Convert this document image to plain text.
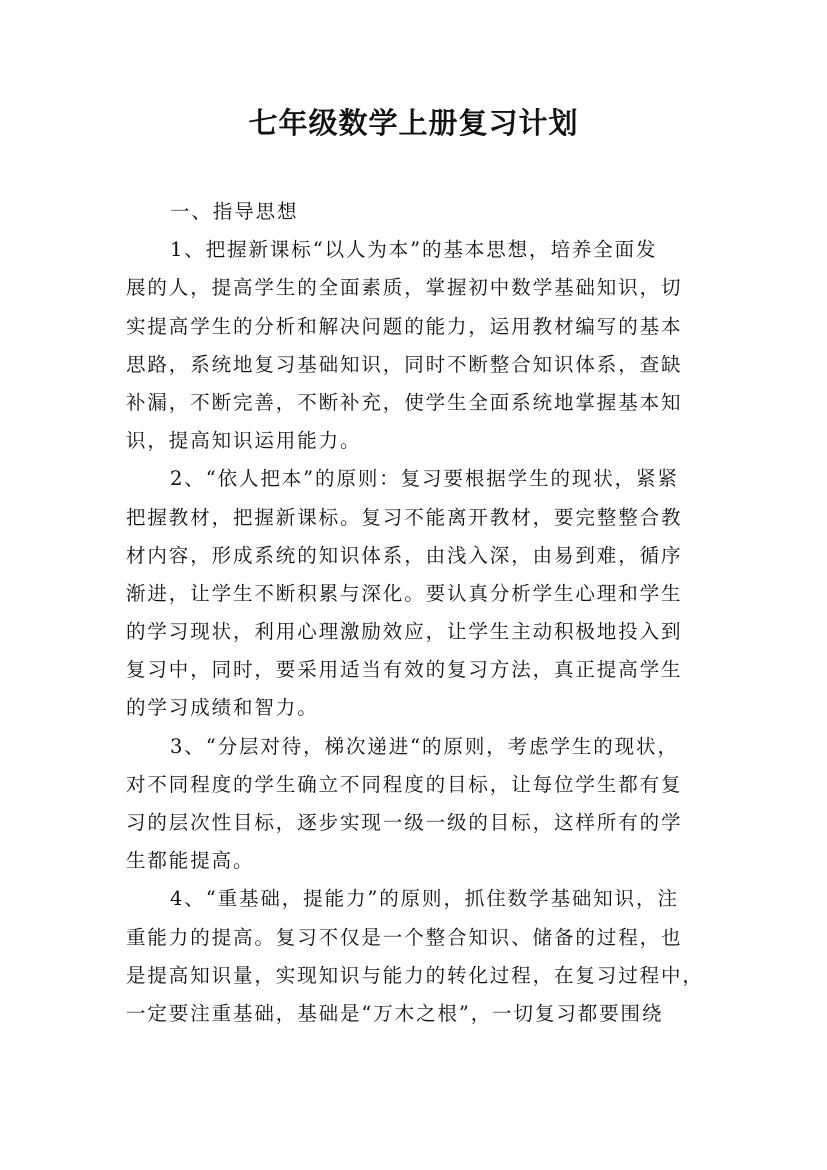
七年级数学上册复习计划
一、指导思想
1、把握新课标“以人为本”的基本思想，培养全面发
展的人，提高学生的全面素质，掌握初中数学基础知识，切
实提高学生的分析和解决问题的能力，运用教材编写的基本
思路，系统地复习基础知识，同时不断整合知识体系，查缺
补漏，不断完善，不断补充，使学生全面系统地掌握基本知
识，提高知识运用能力。
2、“依人把本”的原则：复习要根据学生的现状，紧紧
把握教材，把握新课标。复习不能离开教材，要完整整合教
材内容，形成系统的知识体系，由浅入深，由易到难，循序
渐进，让学生不断积累与深化。要认真分析学生心理和学生
的学习现状，利用心理激励效应，让学生主动积极地投入到
复习中，同时，要采用适当有效的复习方法，真正提高学生
的学习成绩和智力。
3、“分层对待，梯次递进“的原则，考虑学生的现状，
对不同程度的学生确立不同程度的目标，让每位学生都有复
习的层次性目标，逐步实现一级一级的目标，这样所有的学
生都能提高。
4、“重基础，提能力”的原则，抓住数学基础知识，注
重能力的提高。复习不仅是一个整合知识、储备的过程，也
是提高知识量，实现知识与能力的转化过程，在复习过程中，
一定要注重基础，基础是“万木之根”，一切复习都要围绕
